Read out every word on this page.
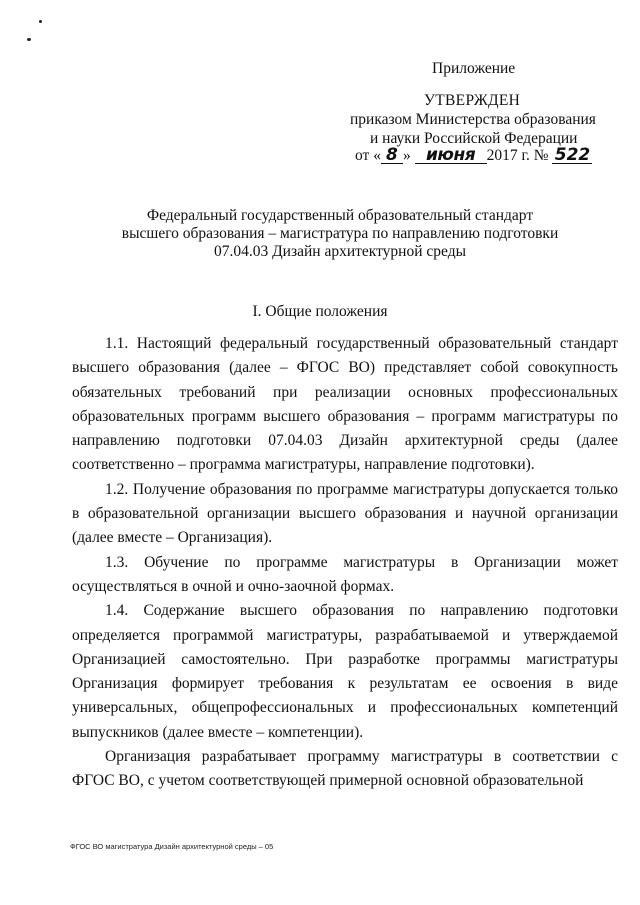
Приложение
УТВЕРЖДЕН
приказом Министерства образования
и науки Российской Федерации
от « 8 » июня 2017 г. № 522
Федеральный государственный образовательный стандарт
высшего образования – магистратура по направлению подготовки
07.04.03 Дизайн архитектурной среды
I. Общие положения

1.1. Настоящий федеральный государственный образовательный стандарт высшего образования (далее – ФГОС ВО) представляет собой совокупность обязательных требований при реализации основных профессиональных образовательных программ высшего образования – программ магистратуры по направлению подготовки 07.04.03 Дизайн архитектурной среды (далее соответственно – программа магистратуры, направление подготовки).

1.2. Получение образования по программе магистратуры допускается только в образовательной организации высшего образования и научной организации (далее вместе – Организация).

1.3. Обучение по программе магистратуры в Организации может осуществляться в очной и очно-заочной формах.

1.4. Содержание высшего образования по направлению подготовки определяется программой магистратуры, разрабатываемой и утверждаемой Организацией самостоятельно. При разработке программы магистратуры Организация формирует требования к результатам ее освоения в виде универсальных, общепрофессиональных и профессиональных компетенций выпускников (далее вместе – компетенции).

Организация разрабатывает программу магистратуры в соответствии с ФГОС ВО, с учетом соответствующей примерной основной образовательной

ФГОС ВО магистратура Дизайн архитектурной среды – 05
